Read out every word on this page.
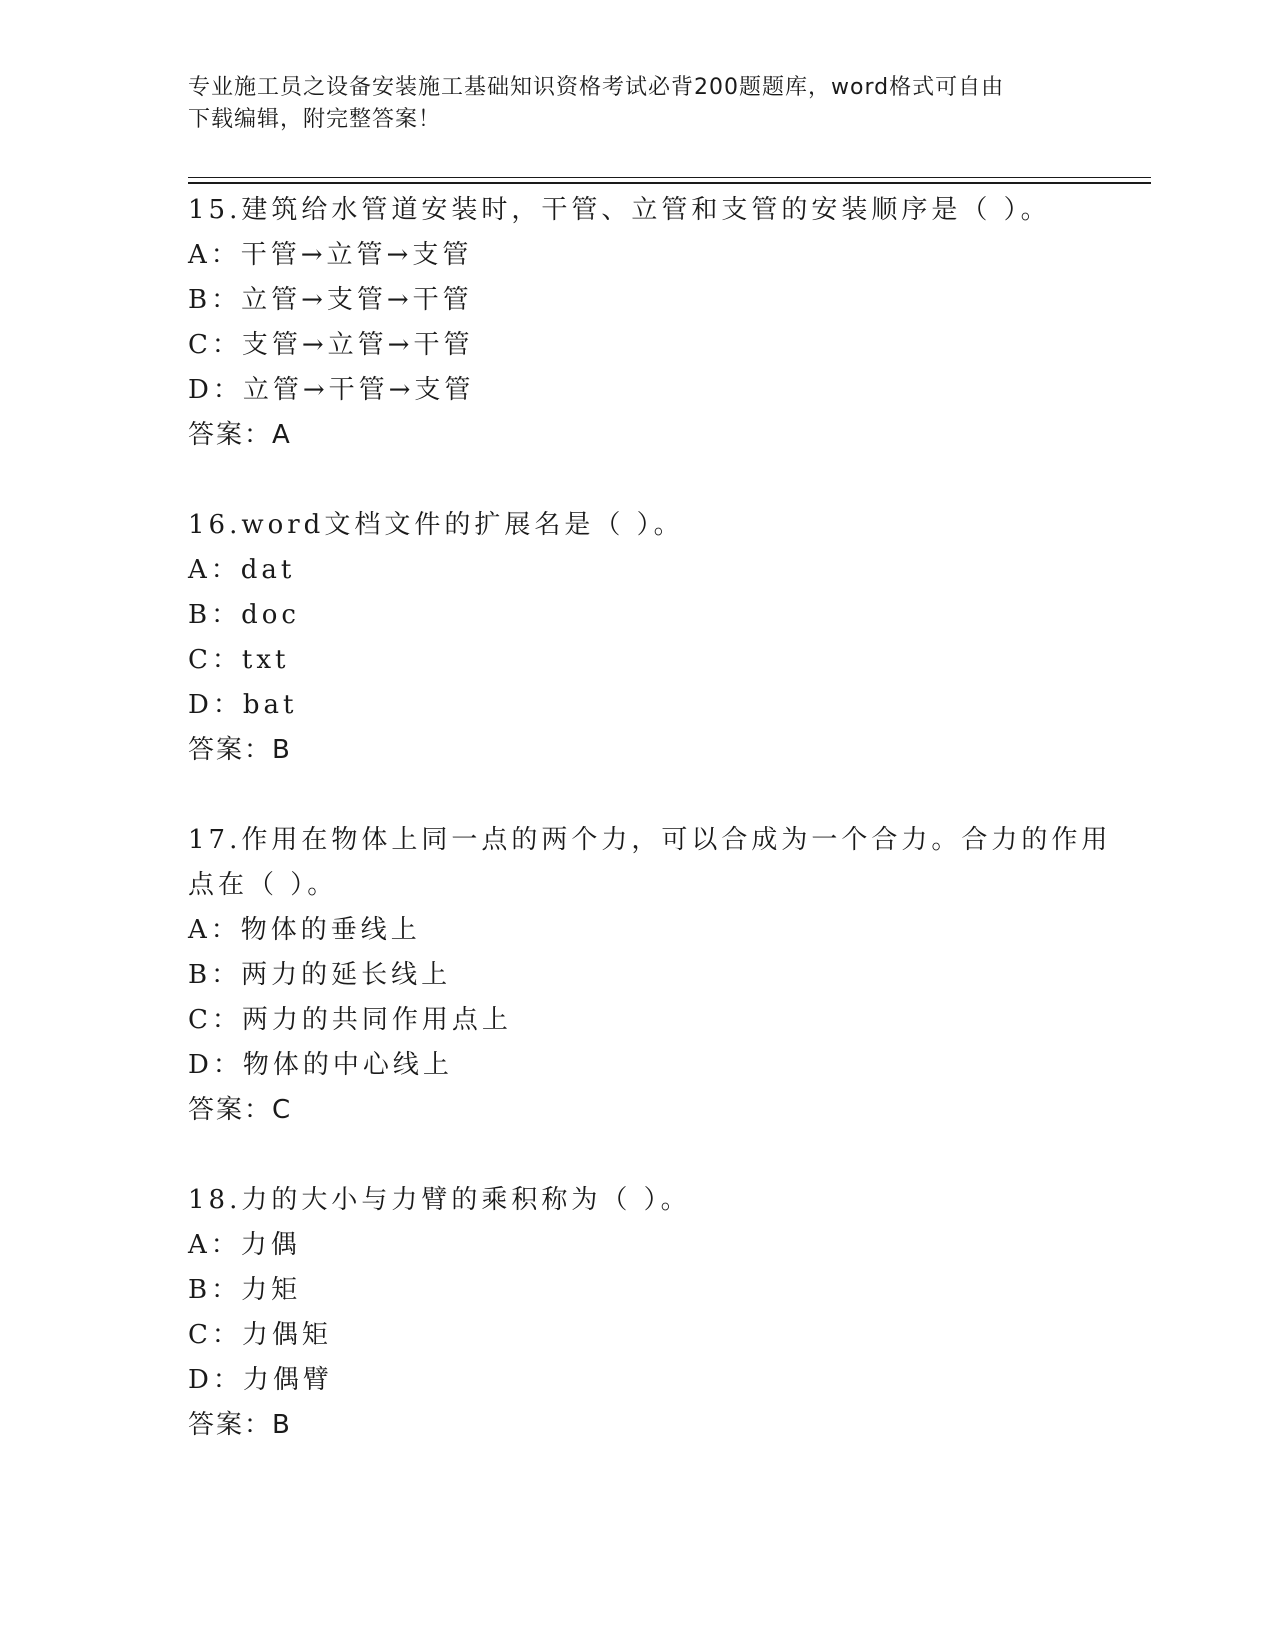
专业施工员之设备安装施工基础知识资格考试必背200题题库，word格式可自由
下载编辑，附完整答案！
15.建筑给水管道安装时，干管、立管和支管的安装顺序是（ ）。
A：干管→立管→支管
B：立管→支管→干管
C：支管→立管→干管
D：立管→干管→支管
答案：A
16.word文档文件的扩展名是（ ）。
A：dat
B：doc
C：txt
D：bat
答案：B
17.作用在物体上同一点的两个力，可以合成为一个合力。合力的作用
点在（ ）。
A：物体的垂线上
B：两力的延长线上
C：两力的共同作用点上
D：物体的中心线上
答案：C
18.力的大小与力臂的乘积称为（ ）。
A：力偶
B：力矩
C：力偶矩
D：力偶臂
答案：B
